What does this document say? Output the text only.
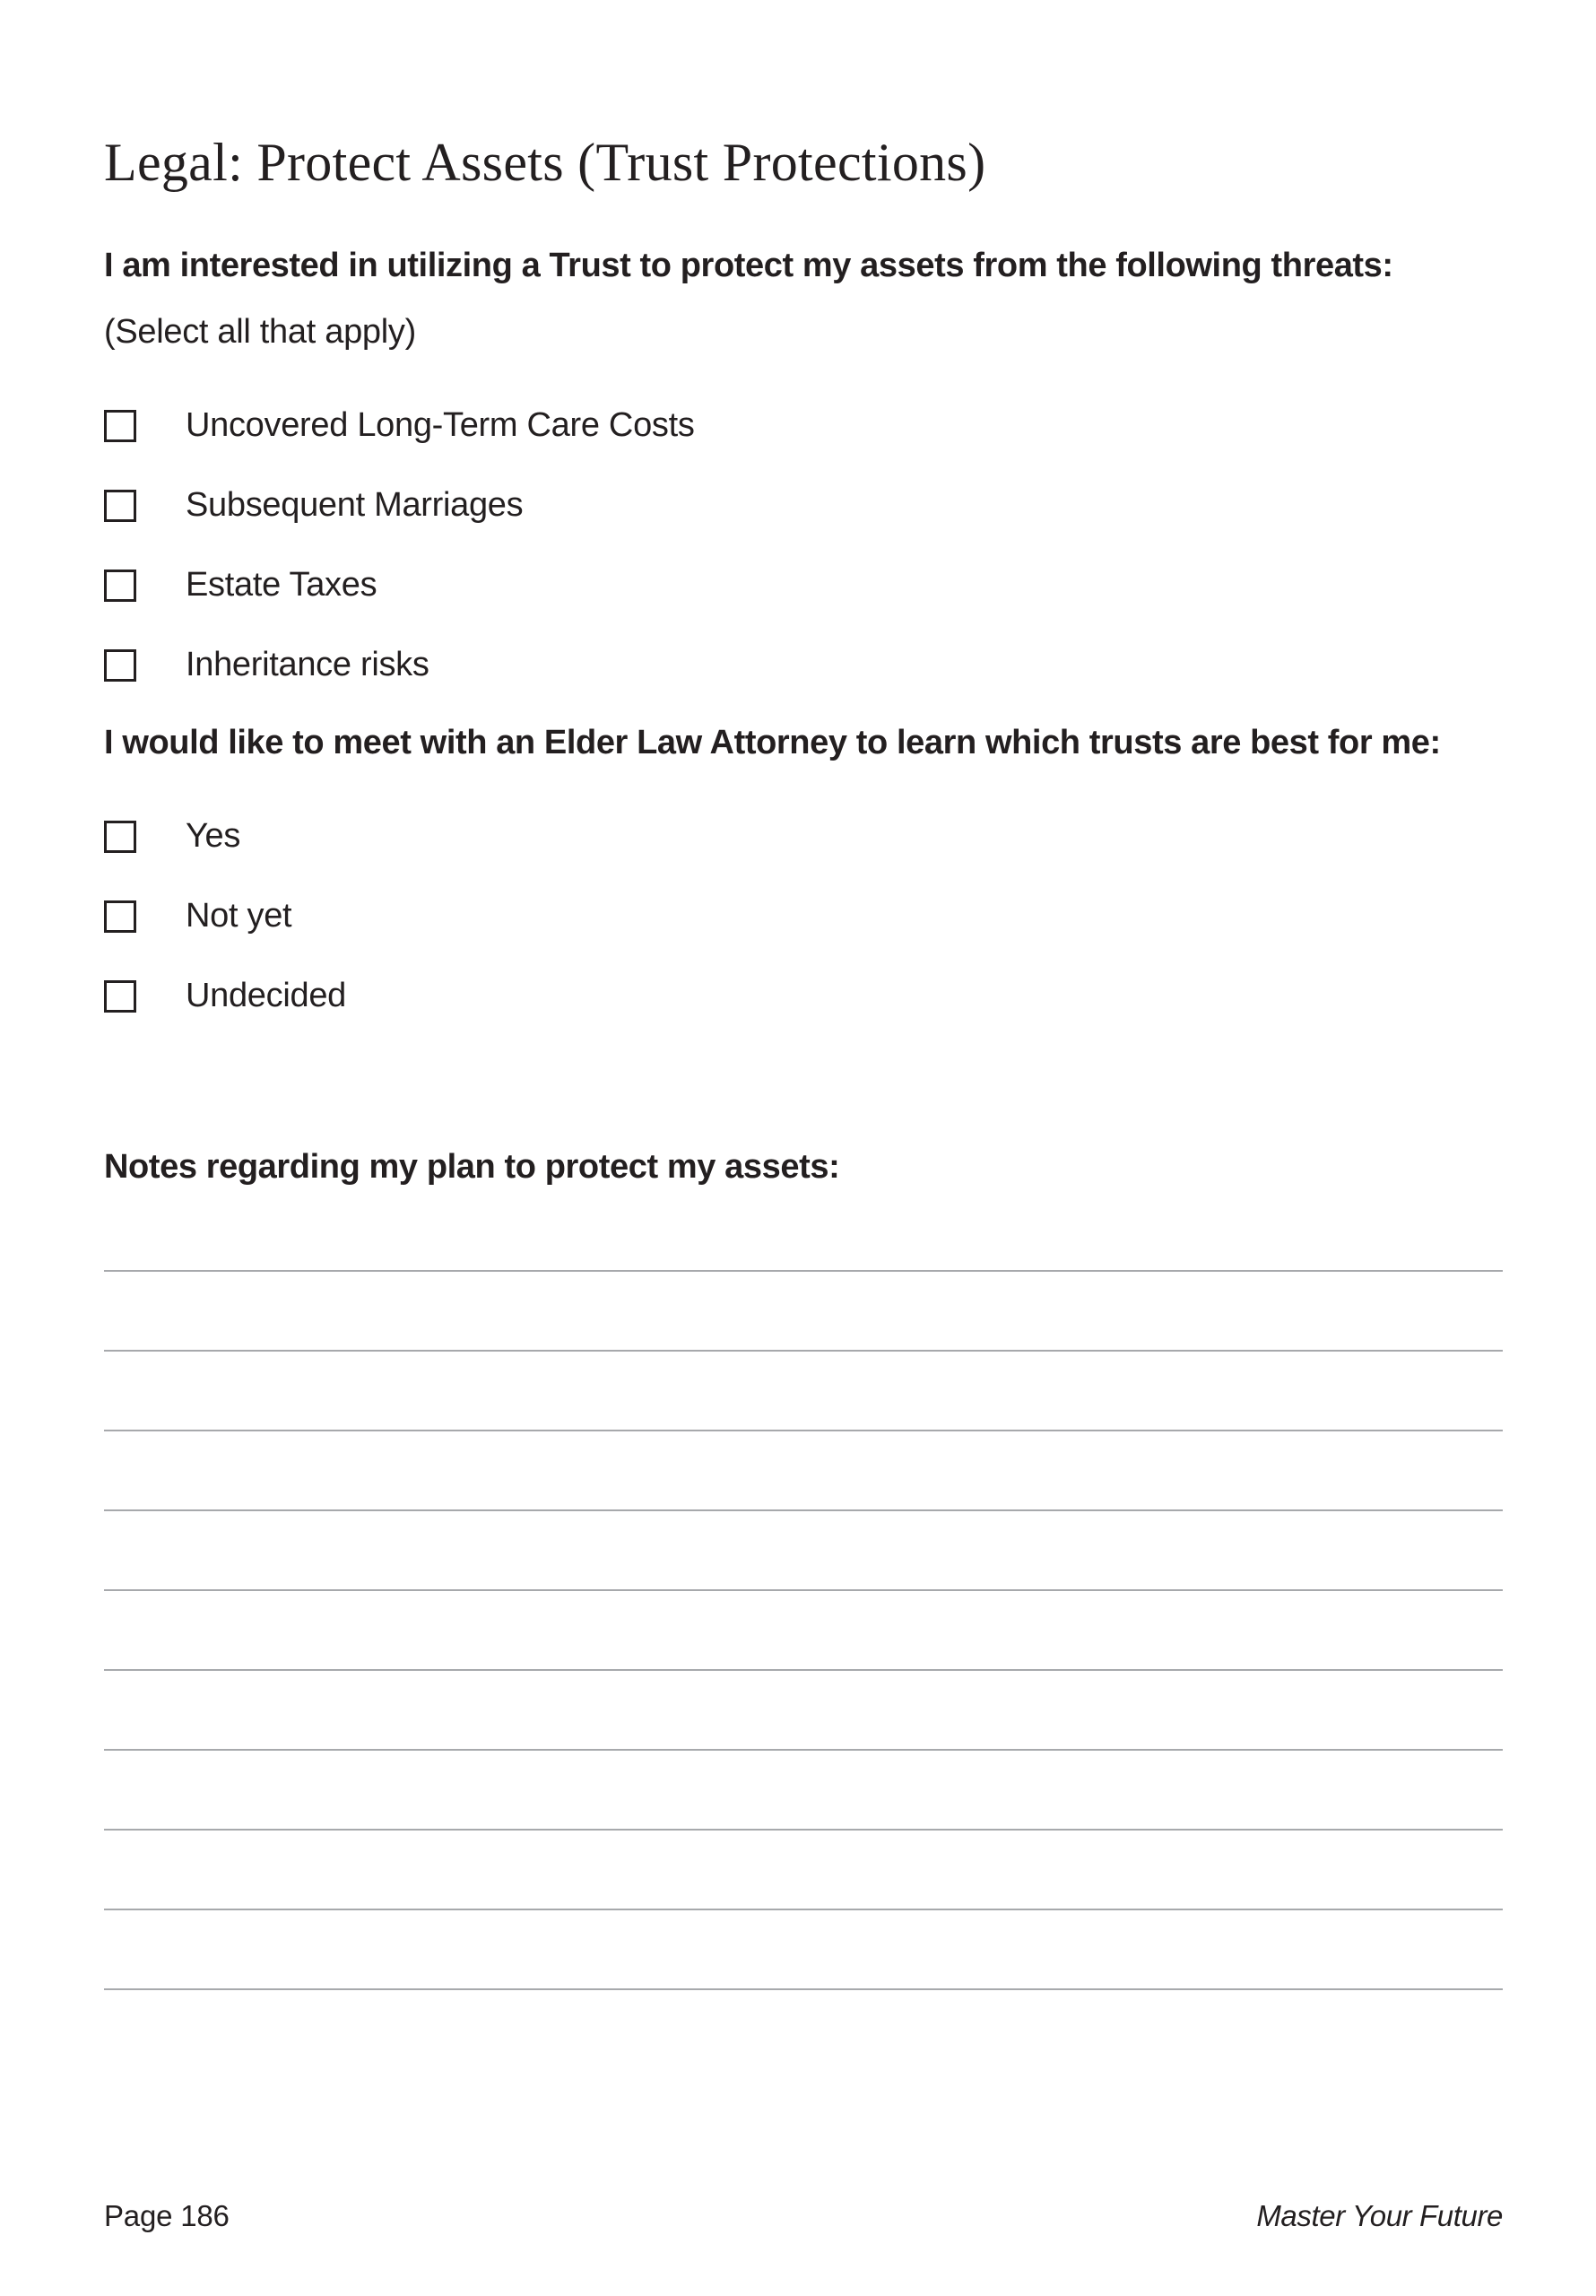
Legal: Protect Assets (Trust Protections)

I am interested in utilizing a Trust to protect my assets from the following threats:

(Select all that apply)

Uncovered Long-Term Care Costs
Subsequent Marriages
Estate Taxes
Inheritance risks

I would like to meet with an Elder Law Attorney to learn which trusts are best for me:

Yes
Not yet
Undecided

Notes regarding my plan to protect my assets:

Page 186	Master Your Future
